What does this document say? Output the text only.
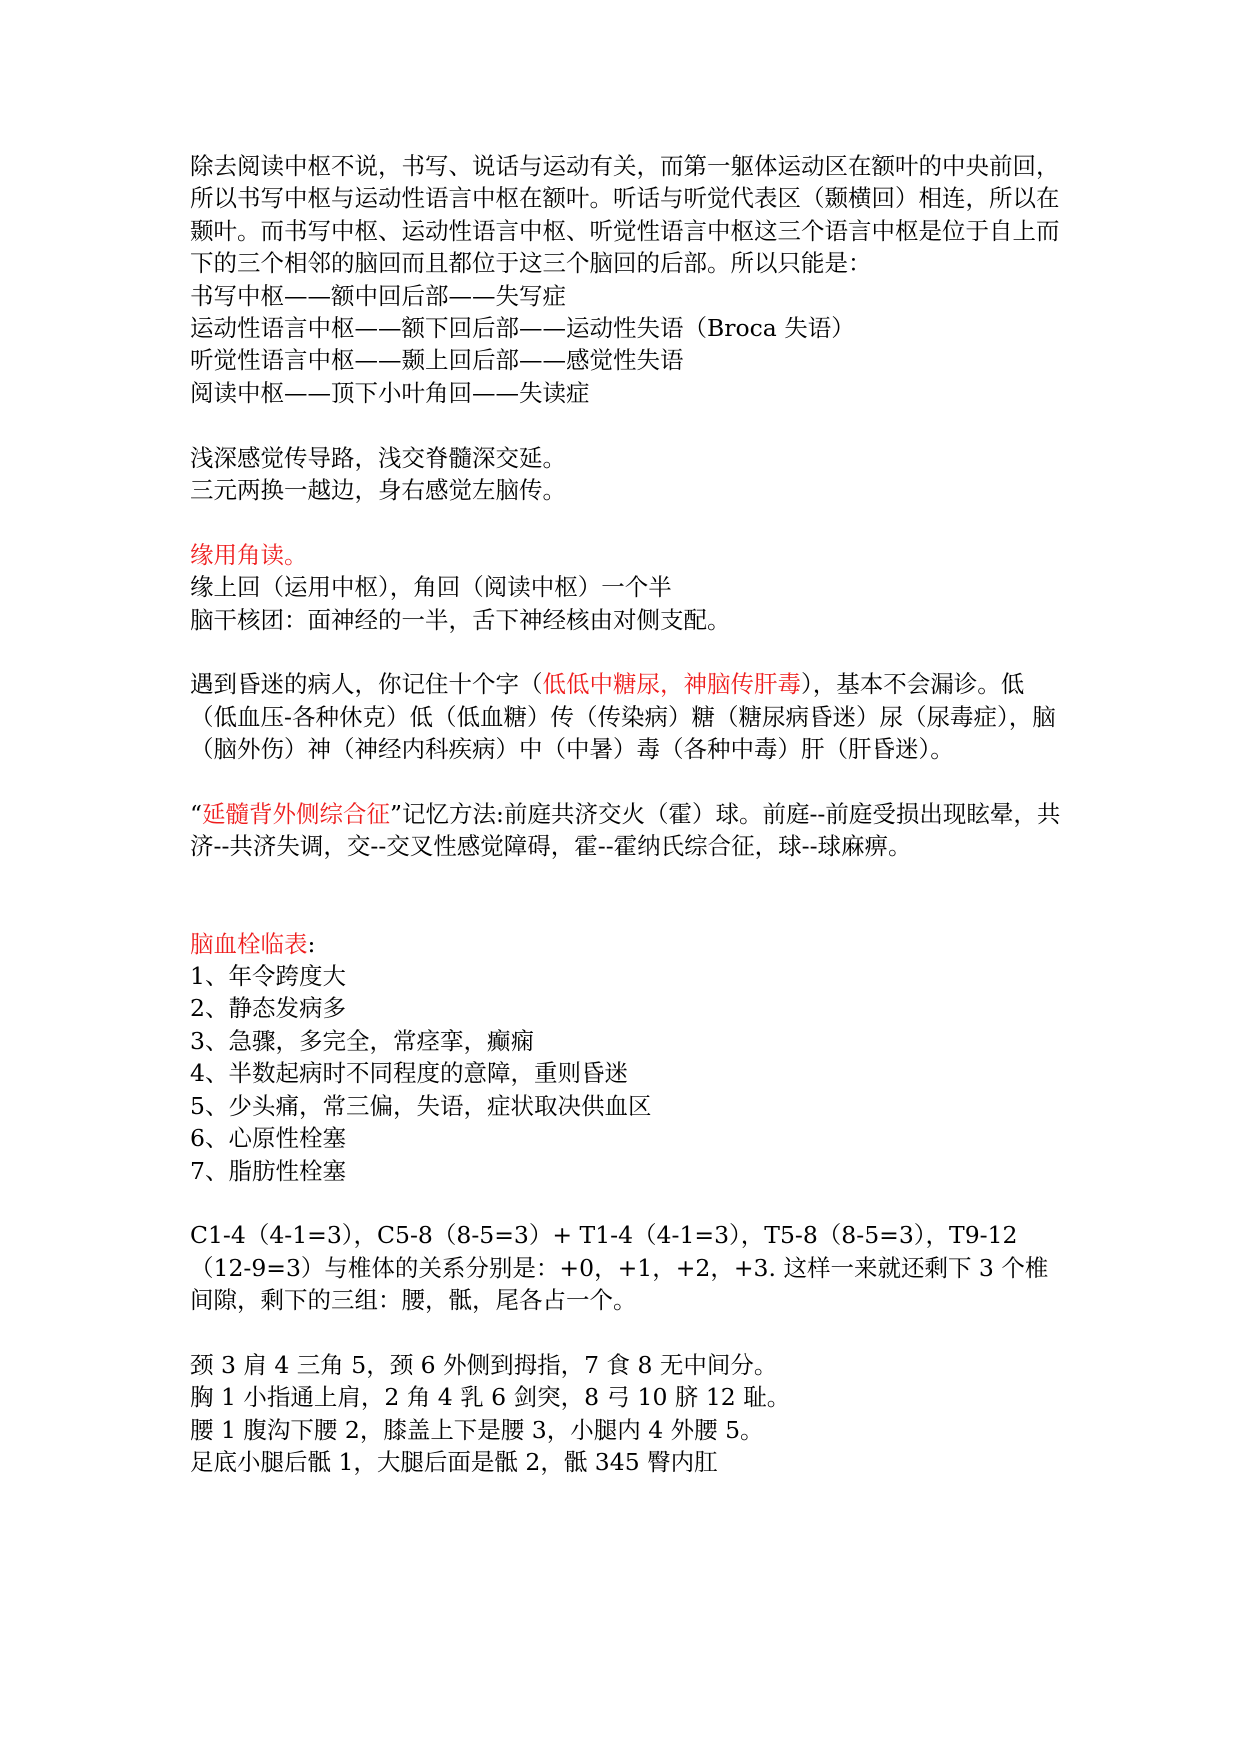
除去阅读中枢不说，书写、说话与运动有关，而第一躯体运动区在额叶的中央前回，所以书写中枢与运动性语言中枢在额叶。听话与听觉代表区（颞横回）相连，所以在颞叶。而书写中枢、运动性语言中枢、听觉性语言中枢这三个语言中枢是位于自上而下的三个相邻的脑回而且都位于这三个脑回的后部。所以只能是：
书写中枢——额中回后部——失写症
运动性语言中枢——额下回后部——运动性失语（Broca 失语）
听觉性语言中枢——颞上回后部——感觉性失语
阅读中枢——顶下小叶角回——失读症
浅深感觉传导路，浅交脊髓深交延。
三元两换一越边，身右感觉左脑传。
缘用角读。
缘上回（运用中枢），角回（阅读中枢）一个半
脑干核团：面神经的一半，舌下神经核由对侧支配。
遇到昏迷的病人，你记住十个字（低低中糖尿，神脑传肝毒），基本不会漏诊。低（低血压-各种休克）低（低血糖）传（传染病）糖（糖尿病昏迷）尿（尿毒症），脑（脑外伤）神（神经内科疾病）中（中暑）毒（各种中毒）肝（肝昏迷）。
“延髓背外侧综合征”记忆方法:前庭共济交火（霍）球。前庭--前庭受损出现眩晕，共济--共济失调，交--交叉性感觉障碍，霍--霍纳氏综合征，球--球麻痹。
脑血栓临表:
1、年令跨度大
2、静态发病多
3、急骤，多完全，常痉挛，癫痫
4、半数起病时不同程度的意障，重则昏迷
5、少头痛，常三偏，失语，症状取决供血区
6、心原性栓塞
7、脂肪性栓塞
C1-4（4-1=3），C5-8（8-5=3）+ T1-4（4-1=3），T5-8（8-5=3），T9-12（12-9=3）与椎体的关系分别是：+0，+1，+2，+3. 这样一来就还剩下 3 个椎间隙，剩下的三组：腰，骶，尾各占一个。
颈 3 肩 4 三角 5，颈 6 外侧到拇指，7 食 8 无中间分。
胸 1 小指通上肩，2 角 4 乳 6 剑突，8 弓 10 脐 12 耻。
腰 1 腹沟下腰 2，膝盖上下是腰 3，小腿内 4 外腰 5。
足底小腿后骶 1，大腿后面是骶 2，骶 345 臀内肛
